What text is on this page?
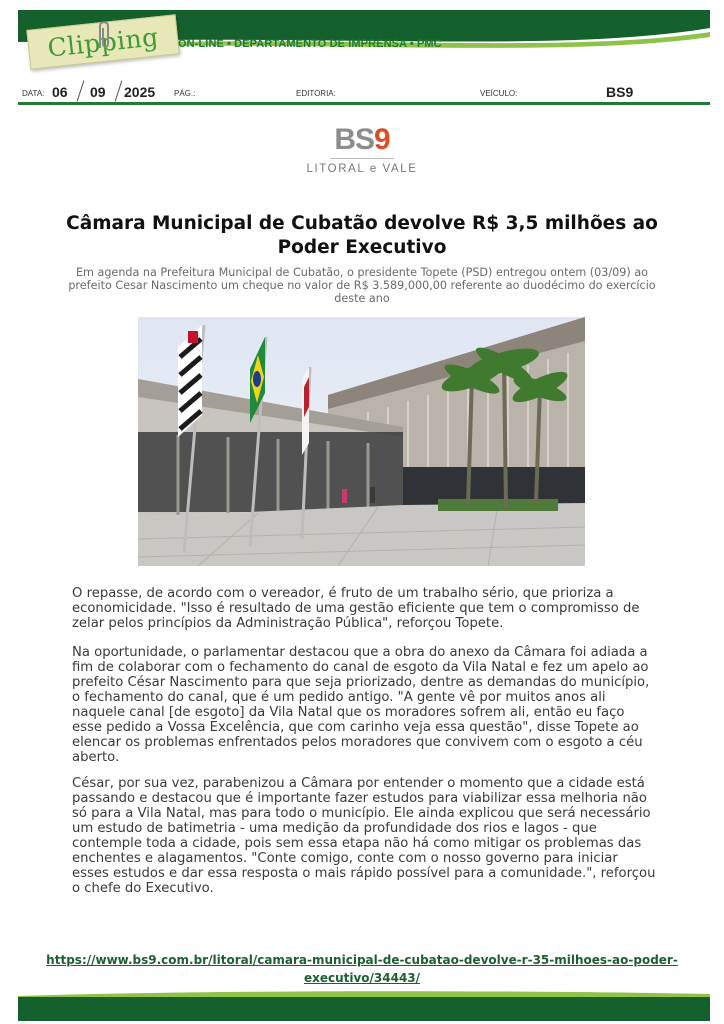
Clipping ON-LINE • DEPARTAMENTO DE IMPRENSA • PMC
DATA: 06 09 2025 PÁG.:	EDITORIA:	VEÍCULO:	BS9
BS9
LITORAL e VALE
Câmara Municipal de Cubatão devolve R$ 3,5 milhões ao Poder Executivo

Em agenda na Prefeitura Municipal de Cubatão, o presidente Topete (PSD) entregou ontem (03/09) ao prefeito Cesar Nascimento um cheque no valor de R$ 3.589,000,00 referente ao duodécimo do exercício deste ano

O repasse, de acordo com o vereador, é fruto de um trabalho sério, que prioriza a economicidade. "Isso é resultado de uma gestão eficiente que tem o compromisso de zelar pelos princípios da Administração Pública", reforçou Topete.

Na oportunidade, o parlamentar destacou que a obra do anexo da Câmara foi adiada a fim de colaborar com o fechamento do canal de esgoto da Vila Natal e fez um apelo ao prefeito César Nascimento para que seja priorizado, dentre as demandas do município, o fechamento do canal, que é um pedido antigo. "A gente vê por muitos anos ali naquele canal [de esgoto] da Vila Natal que os moradores sofrem ali, então eu faço esse pedido a Vossa Excelência, que com carinho veja essa questão", disse Topete ao elencar os problemas enfrentados pelos moradores que convivem com o esgoto a céu aberto.

César, por sua vez, parabenizou a Câmara por entender o momento que a cidade está passando e destacou que é importante fazer estudos para viabilizar essa melhoria não só para a Vila Natal, mas para todo o município. Ele ainda explicou que será necessário um estudo de batimetria - uma medição da profundidade dos rios e lagos - que contemple toda a cidade, pois sem essa etapa não há como mitigar os problemas das enchentes e alagamentos. "Conte comigo, conte com o nosso governo para iniciar esses estudos e dar essa resposta o mais rápido possível para a comunidade.", reforçou o chefe do Executivo.

https://www.bs9.com.br/litoral/camara-municipal-de-cubatao-devolve-r-35-milhoes-ao-poder-executivo/34443/
